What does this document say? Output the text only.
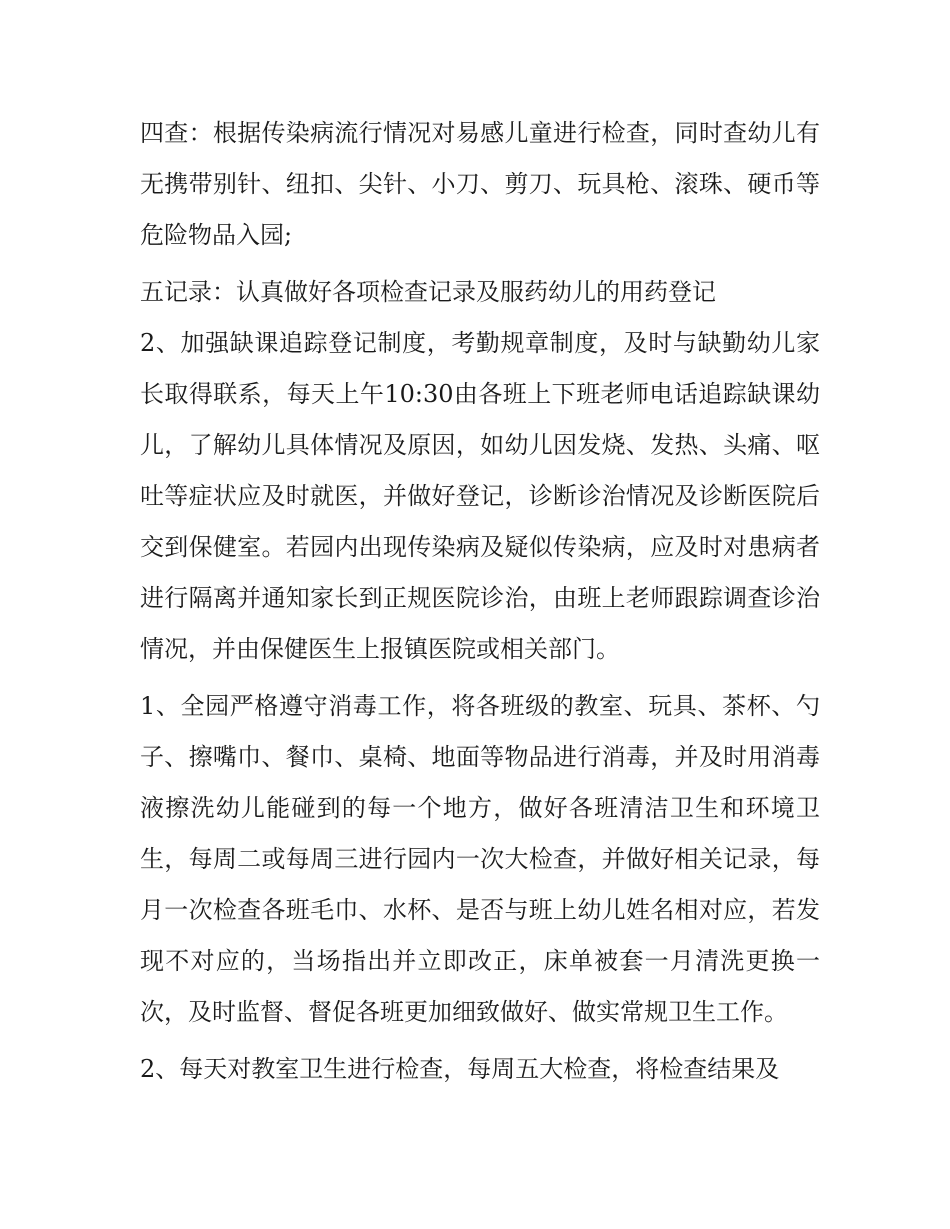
四查：根据传染病流行情况对易感儿童进行检查，同时查幼儿有无携带别针、纽扣、尖针、小刀、剪刀、玩具枪、滚珠、硬币等危险物品入园;

五记录：认真做好各项检查记录及服药幼儿的用药登记

2、加强缺课追踪登记制度，考勤规章制度，及时与缺勤幼儿家长取得联系，每天上午10:30由各班上下班老师电话追踪缺课幼儿，了解幼儿具体情况及原因，如幼儿因发烧、发热、头痛、呕吐等症状应及时就医，并做好登记，诊断诊治情况及诊断医院后交到保健室。若园内出现传染病及疑似传染病，应及时对患病者进行隔离并通知家长到正规医院诊治，由班上老师跟踪调查诊治情况，并由保健医生上报镇医院或相关部门。

1、全园严格遵守消毒工作，将各班级的教室、玩具、茶杯、勺子、擦嘴巾、餐巾、桌椅、地面等物品进行消毒，并及时用消毒液擦洗幼儿能碰到的每一个地方，做好各班清洁卫生和环境卫生，每周二或每周三进行园内一次大检查，并做好相关记录，每月一次检查各班毛巾、水杯、是否与班上幼儿姓名相对应，若发现不对应的，当场指出并立即改正，床单被套一月清洗更换一次，及时监督、督促各班更加细致做好、做实常规卫生工作。

2、每天对教室卫生进行检查，每周五大检查，将检查结果及
